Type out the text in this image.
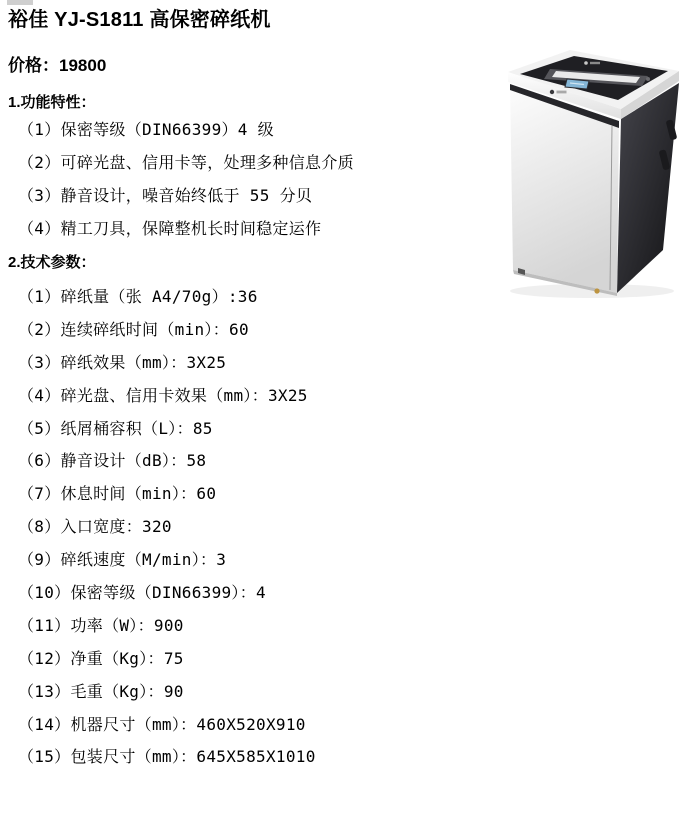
裕佳 YJ-S1811 高保密碎纸机
价格：19800
1.功能特性：
（1）保密等级（DIN66399）4 级
（2）可碎光盘、信用卡等，处理多种信息介质
（3）静音设计，噪音始终低于 55 分贝
（4）精工刀具，保障整机长时间稳定运作
2.技术参数：
（1）碎纸量（张 A4/70g）:36
（2）连续碎纸时间（min）：60
（3）碎纸效果（mm）：3X25
（4）碎光盘、信用卡效果（mm）：3X25
（5）纸屑桶容积（L）：85
（6）静音设计（dB）：58
（7）休息时间（min）：60
（8）入口宽度：320
（9）碎纸速度（M/min）：3
（10）保密等级（DIN66399）：4
（11）功率（W）：900
（12）净重（Kg）：75
（13）毛重（Kg）：90
（14）机器尺寸（mm）：460X520X910
（15）包装尺寸（mm）：645X585X1010
